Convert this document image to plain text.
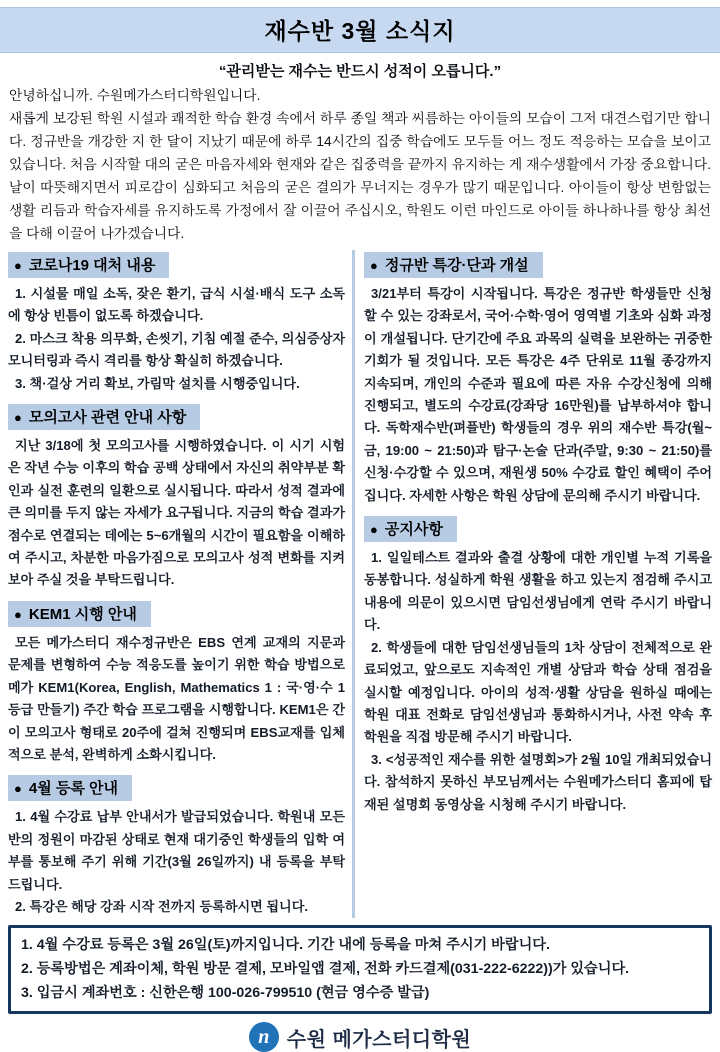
재수반 3월 소식지
“관리받는 재수는 반드시 성적이 오릅니다.”

안녕하십니까. 수원메가스터디학원입니다.

새롭게 보강된 학원 시설과 쾌적한 학습 환경 속에서 하루 종일 책과 씨름하는 아이들의 모습이 그저 대견스럽기만 합니다. 정규반을 개강한 지 한 달이 지났기 때문에 하루 14시간의 집중 학습에도 모두들 어느 정도 적응하는 모습을 보이고 있습니다. 처음 시작할 대의 굳은 마음자세와 현재와 같은 집중력을 끝까지 유지하는 게 재수생활에서 가장 중요합니다. 날이 따뜻해지면서 피로감이 심화되고 처음의 굳은 결의가 무너지는 경우가 많기 때문입니다. 아이들이 항상 변함없는 생활 리듬과 학습자세를 유지하도록 가정에서 잘 이끌어 주십시오, 학원도 이런 마인드로 아이들 하나하나를 항상 최선을 다해 이끌어 나가겠습니다.

● 코로나19 대처 내용

1. 시설물 매일 소독, 잦은 환기, 급식 시설·배식 도구 소독에 항상 빈틈이 없도록 하겠습니다.

2. 마스크 착용 의무화, 손씻기, 기침 예절 준수, 의심증상자 모니터링과 즉시 격리를 항상 확실히 하겠습니다.

3. 책·걸상 거리 확보, 가림막 설치를 시행중입니다.

● 모의고사 관련 안내 사항

지난 3/18에 첫 모의고사를 시행하였습니다. 이 시기 시험은 작년 수능 이후의 학습 공백 상태에서 자신의 취약부분 확인과 실전 훈련의 일환으로 실시됩니다. 따라서 성적 결과에 큰 의미를 두지 않는 자세가 요구됩니다. 지금의 학습 결과가 점수로 연결되는 데에는 5~6개월의 시간이 필요함을 이해하여 주시고, 차분한 마음가짐으로 모의고사 성적 변화를 지켜보아 주실 것을 부탁드립니다.

● KEM1 시행 안내

모든 메가스터디 재수정규반은 EBS 연계 교재의 지문과 문제를 변형하여 수능 적응도를 높이기 위한 학습 방법으로 메가 KEM1(Korea, English, Mathematics 1 : 국·영·수 1등급 만들기) 주간 학습 프로그램을 시행합니다. KEM1은 간이 모의고사 형태로 20주에 걸쳐 진행되며 EBS교재를 입체적으로 분석, 완벽하게 소화시킵니다.

● 4월 등록 안내

1. 4월 수강료 납부 안내서가 발급되었습니다. 학원내 모든 반의 정원이 마감된 상태로 현재 대기중인 학생들의 입학 여부를 통보해 주기 위해 기간(3월 26일까지) 내 등록을 부탁드립니다.

2. 특강은 해당 강좌 시작 전까지 등록하시면 됩니다.

● 정규반 특강·단과 개설

3/21부터 특강이 시작됩니다. 특강은 정규반 학생들만 신청할 수 있는 강좌로서, 국어·수학·영어 영역별 기초와 심화 과정이 개설됩니다. 단기간에 주요 과목의 실력을 보완하는 귀중한 기회가 될 것입니다. 모든 특강은 4주 단위로 11월 종강까지 지속되며, 개인의 수준과 필요에 따른 자유 수강신청에 의해 진행되고, 별도의 수강료(강좌당 16만원)를 납부하셔야 합니다. 독학재수반(펴플반) 학생들의 경우 위의 재수반 특강(월~금, 19:00 ~ 21:50)과 탐구·논술 단과(주말, 9:30 ~ 21:50)를 신청·수강할 수 있으며, 재원생 50% 수강료 할인 혜택이 주어집니다. 자세한 사항은 학원 상담에 문의해 주시기 바랍니다.

● 공지사항

1. 일일테스트 결과와 출결 상황에 대한 개인별 누적 기록을 동봉합니다. 성실하게 학원 생활을 하고 있는지 점검해 주시고 내용에 의문이 있으시면 담임선생님에게 연락 주시기 바랍니다.

2. 학생들에 대한 담임선생님들의 1차 상담이 전체적으로 완료되었고, 앞으로도 지속적인 개별 상담과 학습 상태 점검을 실시할 예정입니다. 아이의 성적·생활 상담을 원하실 때에는 학원 대표 전화로 담임선생님과 통화하시거나, 사전 약속 후 학원을 직접 방문해 주시기 바랍니다.

3. <성공적인 재수를 위한 설명회>가 2월 10일 개최되었습니다. 참석하지 못하신 부모님께서는 수원메가스터디 홈피에 탑재된 설명회 동영상을 시청해 주시기 바랍니다.

1. 4월 수강료 등록은 3월 26일(토)까지입니다. 기간 내에 등록을 마쳐 주시기 바랍니다.

2. 등록방법은 계좌이체, 학원 방문 결제, 모바일앱 결제, 전화 카드결제(031-222-6222))가 있습니다.

3. 입금시 계좌번호 : 신한은행 100-026-799510 (현금 영수증 발급)

n 수원 메가스터디학원
